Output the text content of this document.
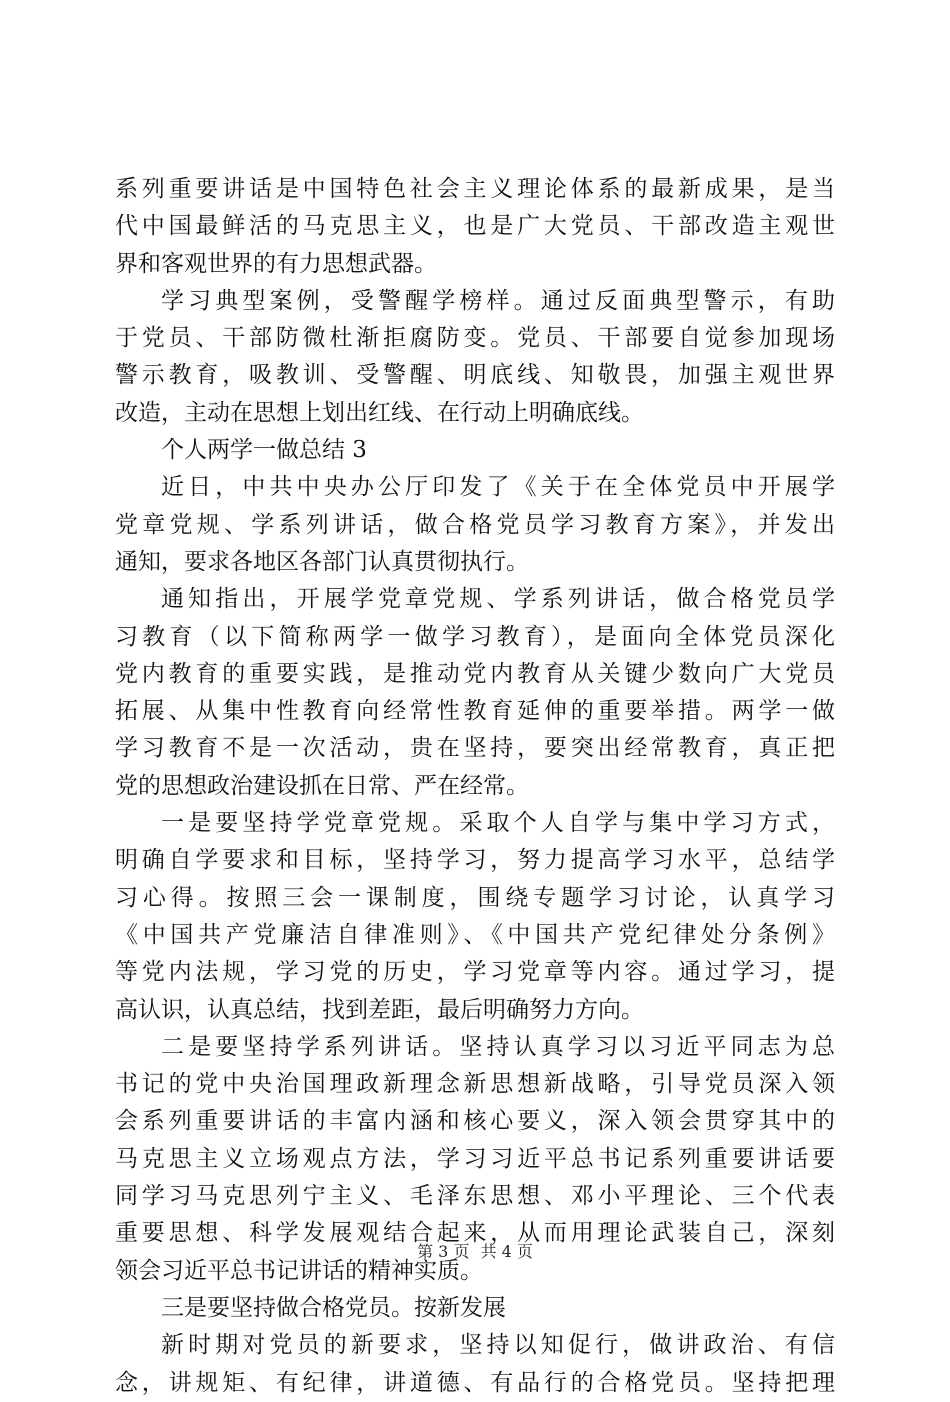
系列重要讲话是中国特色社会主义理论体系的最新成果，是当
代中国最鲜活的马克思主义，也是广大党员、干部改造主观世
界和客观世界的有力思想武器。
学习典型案例，受警醒学榜样。通过反面典型警示，有助
于党员、干部防微杜渐拒腐防变。党员、干部要自觉参加现场
警示教育，吸教训、受警醒、明底线、知敬畏，加强主观世界
改造，主动在思想上划出红线、在行动上明确底线。
个人两学一做总结 3
近日，中共中央办公厅印发了《关于在全体党员中开展学
党章党规、学系列讲话，做合格党员学习教育方案》，并发出
通知，要求各地区各部门认真贯彻执行。
通知指出，开展学党章党规、学系列讲话，做合格党员学
习教育（以下简称两学一做学习教育），是面向全体党员深化
党内教育的重要实践，是推动党内教育从关键少数向广大党员
拓展、从集中性教育向经常性教育延伸的重要举措。两学一做
学习教育不是一次活动，贵在坚持，要突出经常教育，真正把
党的思想政治建设抓在日常、严在经常。
一是要坚持学党章党规。采取个人自学与集中学习方式，
明确自学要求和目标，坚持学习，努力提高学习水平，总结学
习心得。按照三会一课制度，围绕专题学习讨论，认真学习
《中国共产党廉洁自律准则》、《中国共产党纪律处分条例》
等党内法规，学习党的历史，学习党章等内容。通过学习，提
高认识，认真总结，找到差距，最后明确努力方向。
二是要坚持学系列讲话。坚持认真学习以习近平同志为总
书记的党中央治国理政新理念新思想新战略，引导党员深入领
会系列重要讲话的丰富内涵和核心要义，深入领会贯穿其中的
马克思主义立场观点方法，学习习近平总书记系列重要讲话要
同学习马克思列宁主义、毛泽东思想、邓小平理论、三个代表
重要思想、科学发展观结合起来，从而用理论武装自己，深刻
领会习近平总书记讲话的精神实质。
三是要坚持做合格党员。按新发展
新时期对党员的新要求，坚持以知促行，做讲政治、有信
念，讲规矩、有纪律，讲道德、有品行的合格党员。坚持把理
第 3 页 共 4 页
